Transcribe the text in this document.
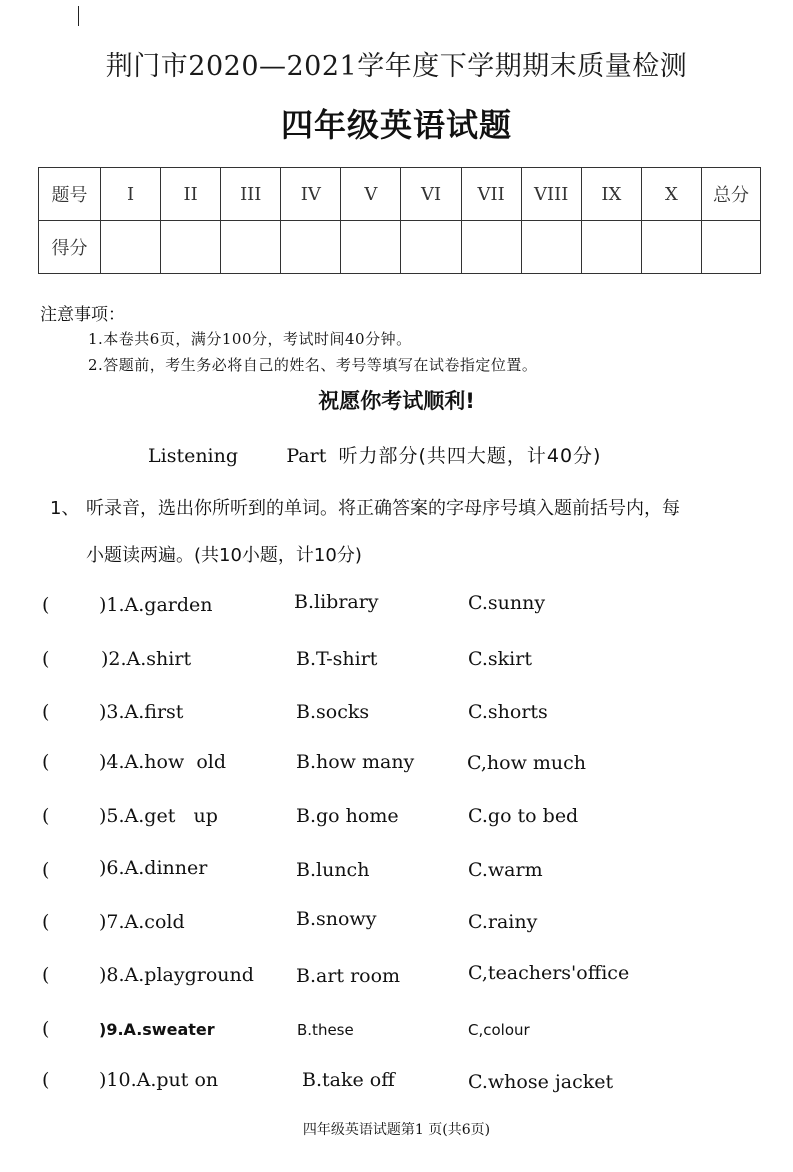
荆门市2020—2021学年度下学期期末质量检测
四年级英语试题
题号	I	II	III	IV	V	VI	VII	VIII	IX	X	总分
得分											
注意事项：
1.本卷共6页，满分100分，考试时间40分钟。
2.答题前，考生务必将自己的姓名、考号等填写在试卷指定位置。
祝愿你考试顺利!
Listening	Part 听力部分(共四大题，计40分)
1、 听录音，选出你所听到的单词。将正确答案的字母序号填入题前括号内，每
小题读两遍。(共10小题，计10分)
(	)1.A.garden	B.library	C.sunny
(	)2.A.shirt	B.T-shirt	C.skirt
(	)3.A.first	B.socks	C.shorts
(	)4.A.how  old	B.how many	C,how much
(	)5.A.get   up	B.go home	C.go to bed
(	)6.A.dinner	B.lunch	C.warm
(	)7.A.cold	B.snowy	C.rainy
(	)8.A.playground B.art room	C,teachers'office
(	)9.A.sweater	B.these	C,colour
(	)10.A.put on	B.take off	C.whose jacket
四年级英语试题第1 页(共6页)
